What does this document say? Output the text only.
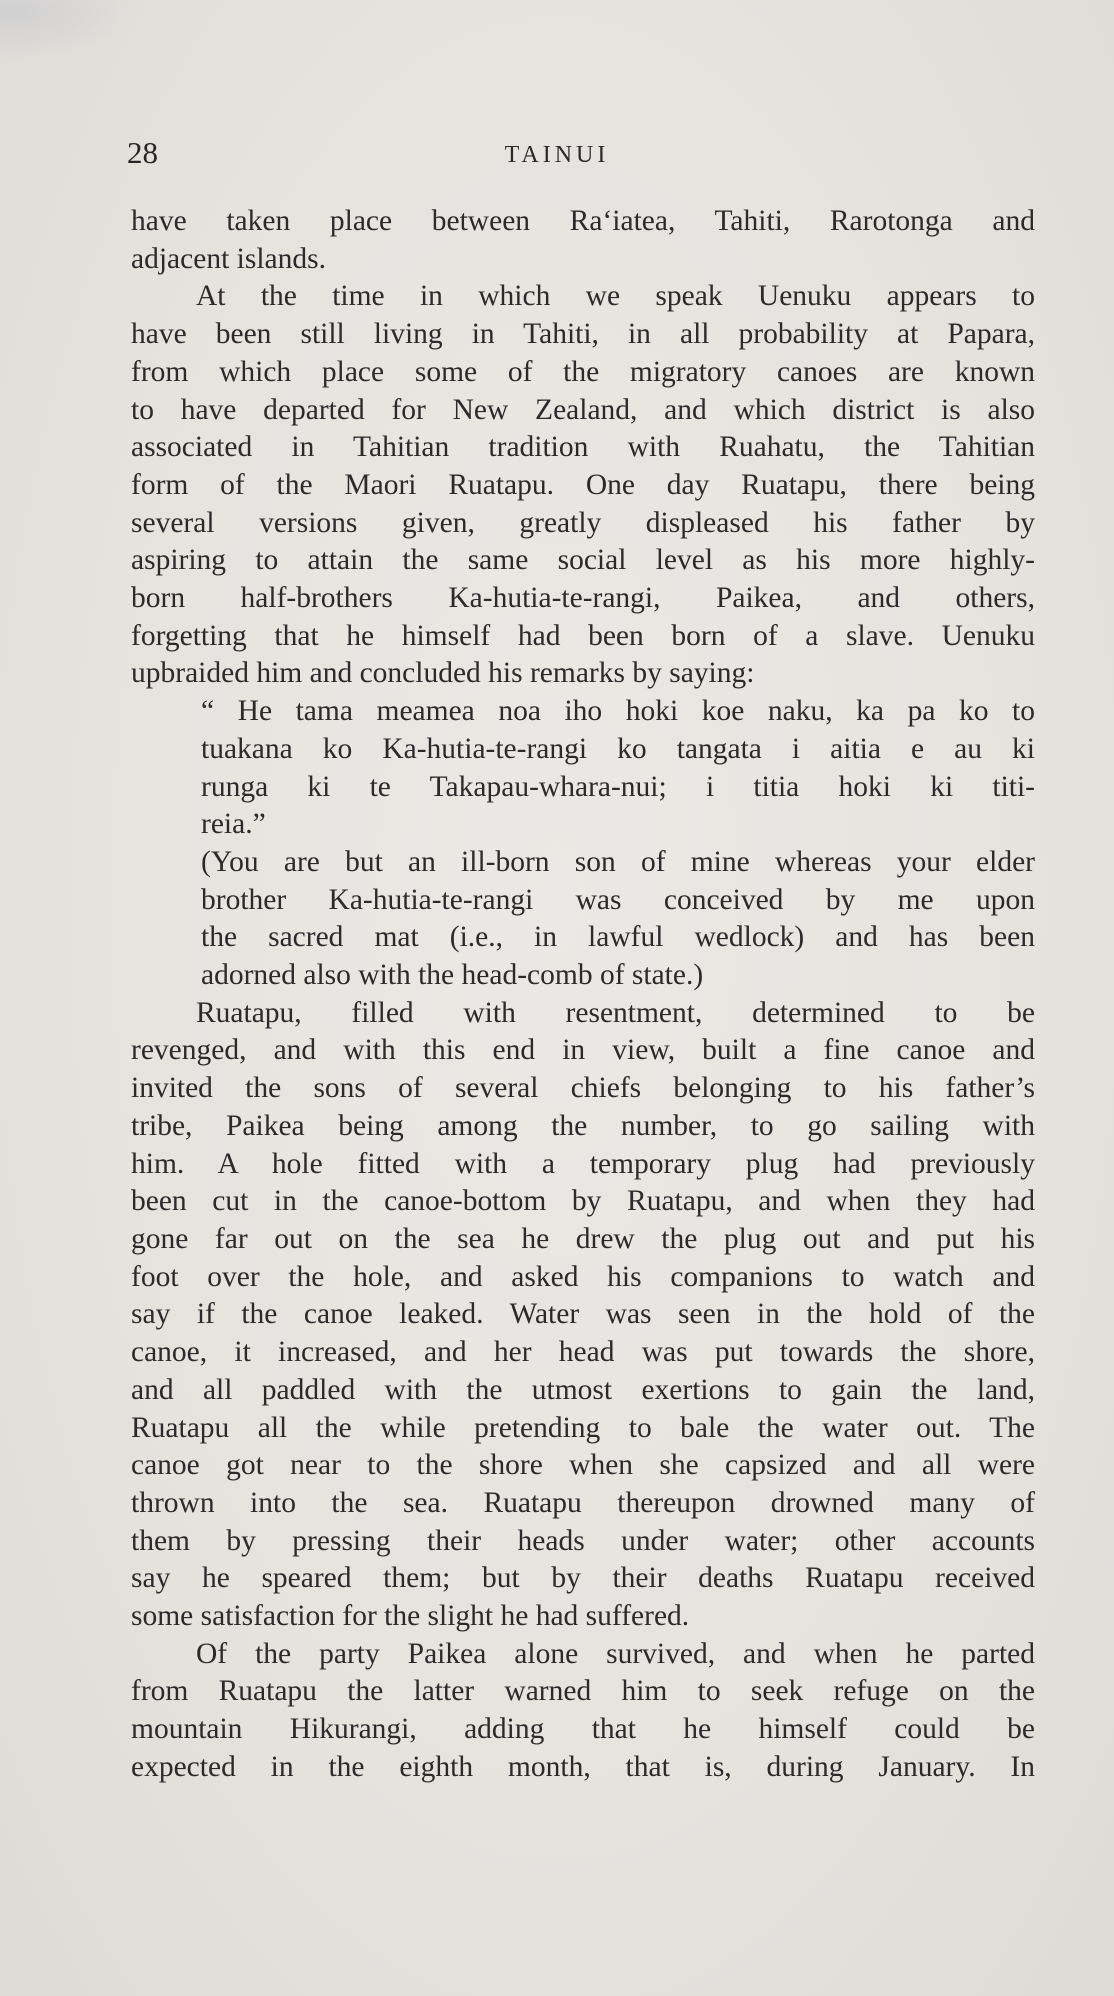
28	TAINUI

have taken place between Ra‘iatea, Tahiti, Rarotonga and

adjacent islands.

At the time in which we speak Uenuku appears to

have been still living in Tahiti, in all probability at Papara,

from which place some of the migratory canoes are known

to have departed for New Zealand, and which district is also

associated in Tahitian tradition with Ruahatu, the Tahitian

form of the Maori Ruatapu. One day Ruatapu, there being

several versions given, greatly displeased his father by

aspiring to attain the same social level as his more highly-

born half-brothers Ka-hutia-te-rangi, Paikea, and others,

forgetting that he himself had been born of a slave. Uenuku

upbraided him and concluded his remarks by saying:

“ He tama meamea noa iho hoki koe naku, ka pa ko to

tuakana ko Ka-hutia-te-rangi ko tangata i aitia e au ki

runga ki te Takapau-whara-nui; i titia hoki ki titi-

reia.”

(You are but an ill-born son of mine whereas your elder

brother Ka-hutia-te-rangi was conceived by me upon

the sacred mat (i.e., in lawful wedlock) and has been

adorned also with the head-comb of state.)

Ruatapu, filled with resentment, determined to be

revenged, and with this end in view, built a fine canoe and

invited the sons of several chiefs belonging to his father’s

tribe, Paikea being among the number, to go sailing with

him. A hole fitted with a temporary plug had previously

been cut in the canoe-bottom by Ruatapu, and when they had

gone far out on the sea he drew the plug out and put his

foot over the hole, and asked his companions to watch and

say if the canoe leaked. Water was seen in the hold of the

canoe, it increased, and her head was put towards the shore,

and all paddled with the utmost exertions to gain the land,

Ruatapu all the while pretending to bale the water out. The

canoe got near to the shore when she capsized and all were

thrown into the sea. Ruatapu thereupon drowned many of

them by pressing their heads under water; other accounts

say he speared them; but by their deaths Ruatapu received

some satisfaction for the slight he had suffered.

Of the party Paikea alone survived, and when he parted

from Ruatapu the latter warned him to seek refuge on the

mountain Hikurangi, adding that he himself could be

expected in the eighth month, that is, during January. In
